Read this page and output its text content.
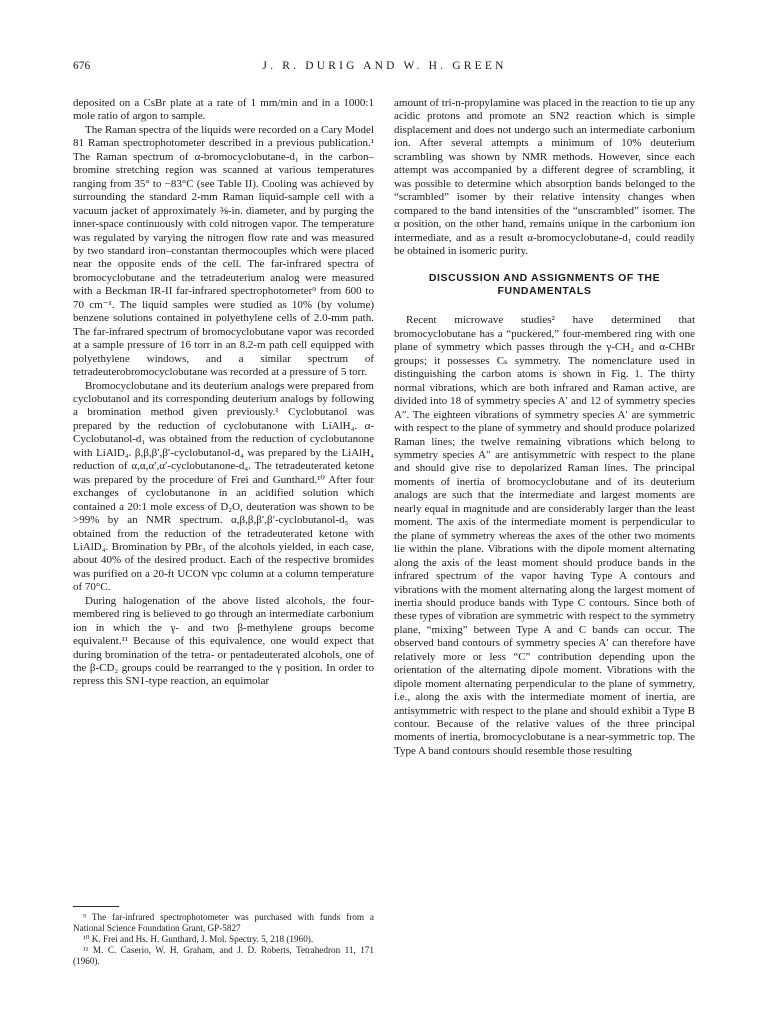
676	J. R. DURIG AND W. H. GREEN

deposited on a CsBr plate at a rate of 1 mm/min and in a 1000:1 mole ratio of argon to sample.

The Raman spectra of the liquids were recorded on a Cary Model 81 Raman spectrophotometer described in a previous publication.¹ The Raman spectrum of α-bromocyclobutane-d₁ in the carbon–bromine stretching region was scanned at various temperatures ranging from 35° to −83°C (see Table II). Cooling was achieved by surrounding the standard 2-mm Raman liquid-sample cell with a vacuum jacket of approximately ⅜-in. diameter, and by purging the inner-space continuously with cold nitrogen vapor. The temperature was regulated by varying the nitrogen flow rate and was measured by two standard iron–constantan thermocouples which were placed near the opposite ends of the cell. The far-infrared spectra of bromocyclobutane and the tetradeuterium analog were measured with a Beckman IR-II far-infrared spectrophotometer⁹ from 600 to 70 cm⁻¹. The liquid samples were studied as 10% (by volume) benzene solutions contained in polyethylene cells of 2.0-mm path. The far-infrared spectrum of bromocyclobutane vapor was recorded at a sample pressure of 16 torr in an 8.2-m path cell equipped with polyethylene windows, and a similar spectrum of tetradeuterobromocyclobutane was recorded at a pressure of 5 torr.

Bromocyclobutane and its deuterium analogs were prepared from cyclobutanol and its corresponding deuterium analogs by following a bromination method given previously.¹ Cyclobutanol was prepared by the reduction of cyclobutanone with LiAlH₄. α-Cyclobutanol-d₁ was obtained from the reduction of cyclobutanone with LiAlD₄. β,β,β′,β′-cyclobutanol-d₄ was prepared by the LiAlH₄ reduction of α,α,α′,α′-cyclobutanone-d₄. The tetradeuterated ketone was prepared by the procedure of Frei and Gunthard.¹⁰ After four exchanges of cyclobutanone in an acidified solution which contained a 20:1 mole excess of D₂O, deuteration was shown to be >99% by an NMR spectrum. α,β,β,β′,β′-cyclobutanol-d₅ was obtained from the reduction of the tetradeuterated ketone with LiAlD₄. Bromination by PBr₃ of the alcohols yielded, in each case, about 40% of the desired product. Each of the respective bromides was purified on a 20-ft UCON vpc column at a column temperature of 70°C.

During halogenation of the above listed alcohols, the four-membered ring is believed to go through an intermediate carbonium ion in which the γ- and two β-methylene groups become equivalent.¹¹ Because of this equivalence, one would expect that during bromination of the tetra- or pentadeuterated alcohols, one of the β-CD₂ groups could be rearranged to the γ position. In order to repress this SN1-type reaction, an equimolar

⁹ The far-infrared spectrophotometer was purchased with funds from a National Science Foundation Grant, GP-5827

¹⁰ K. Frei and Hs. H. Gunthard, J. Mol. Spectry. 5, 218 (1960).

¹¹ M. C. Caserio, W. H. Graham, and J. D. Roberts, Tetrahedron 11, 171 (1960).

amount of tri-n-propylamine was placed in the reaction to tie up any acidic protons and promote an SN2 reaction which is simple displacement and does not undergo such an intermediate carbonium ion. After several attempts a minimum of 10% deuterium scrambling was shown by NMR methods. However, since each attempt was accompanied by a different degree of scrambling, it was possible to determine which absorption bands belonged to the “scrambled” isomer by their relative intensity changes when compared to the band intensities of the “unscrambled” isomer. The α position, on the other hand, remains unique in the carbonium ion intermediate, and as a result α-bromocyclobutane-d₁ could readily be obtained in isomeric purity.

DISCUSSION AND ASSIGNMENTS OF THE FUNDAMENTALS

Recent microwave studies² have determined that bromocyclobutane has a “puckered,” four-membered ring with one plane of symmetry which passes through the γ-CH₂ and α-CHBr groups; it possesses Cₛ symmetry. The nomenclature used in distinguishing the carbon atoms is shown in Fig. 1. The thirty normal vibrations, which are both infrared and Raman active, are divided into 18 of symmetry species A′ and 12 of symmetry species A″. The eighteen vibrations of symmetry species A′ are symmetric with respect to the plane of symmetry and should produce polarized Raman lines; the twelve remaining vibrations which belong to symmetry species A″ are antisymmetric with respect to the plane and should give rise to depolarized Raman lines. The principal moments of inertia of bromocyclobutane and of its deuterium analogs are such that the intermediate and largest moments are nearly equal in magnitude and are considerably larger than the least moment. The axis of the intermediate moment is perpendicular to the plane of symmetry whereas the axes of the other two moments lie within the plane. Vibrations with the dipole moment alternating along the axis of the least moment should produce bands in the infrared spectrum of the vapor having Type A contours and vibrations with the moment alternating along the largest moment of inertia should produce bands with Type C contours. Since both of these types of vibration are symmetric with respect to the symmetry plane, “mixing” between Type A and C bands can occur. The observed band contours of symmetry species A′ can therefore have relatively more or less “C” contribution depending upon the orientation of the alternating dipole moment. Vibrations with the dipole moment alternating perpendicular to the plane of symmetry, i.e., along the axis with the intermediate moment of inertia, are antisymmetric with respect to the plane and should exhibit a Type B contour. Because of the relative values of the three principal moments of inertia, bromocyclobutane is a near-symmetric top. The Type A band contours should resemble those resulting
